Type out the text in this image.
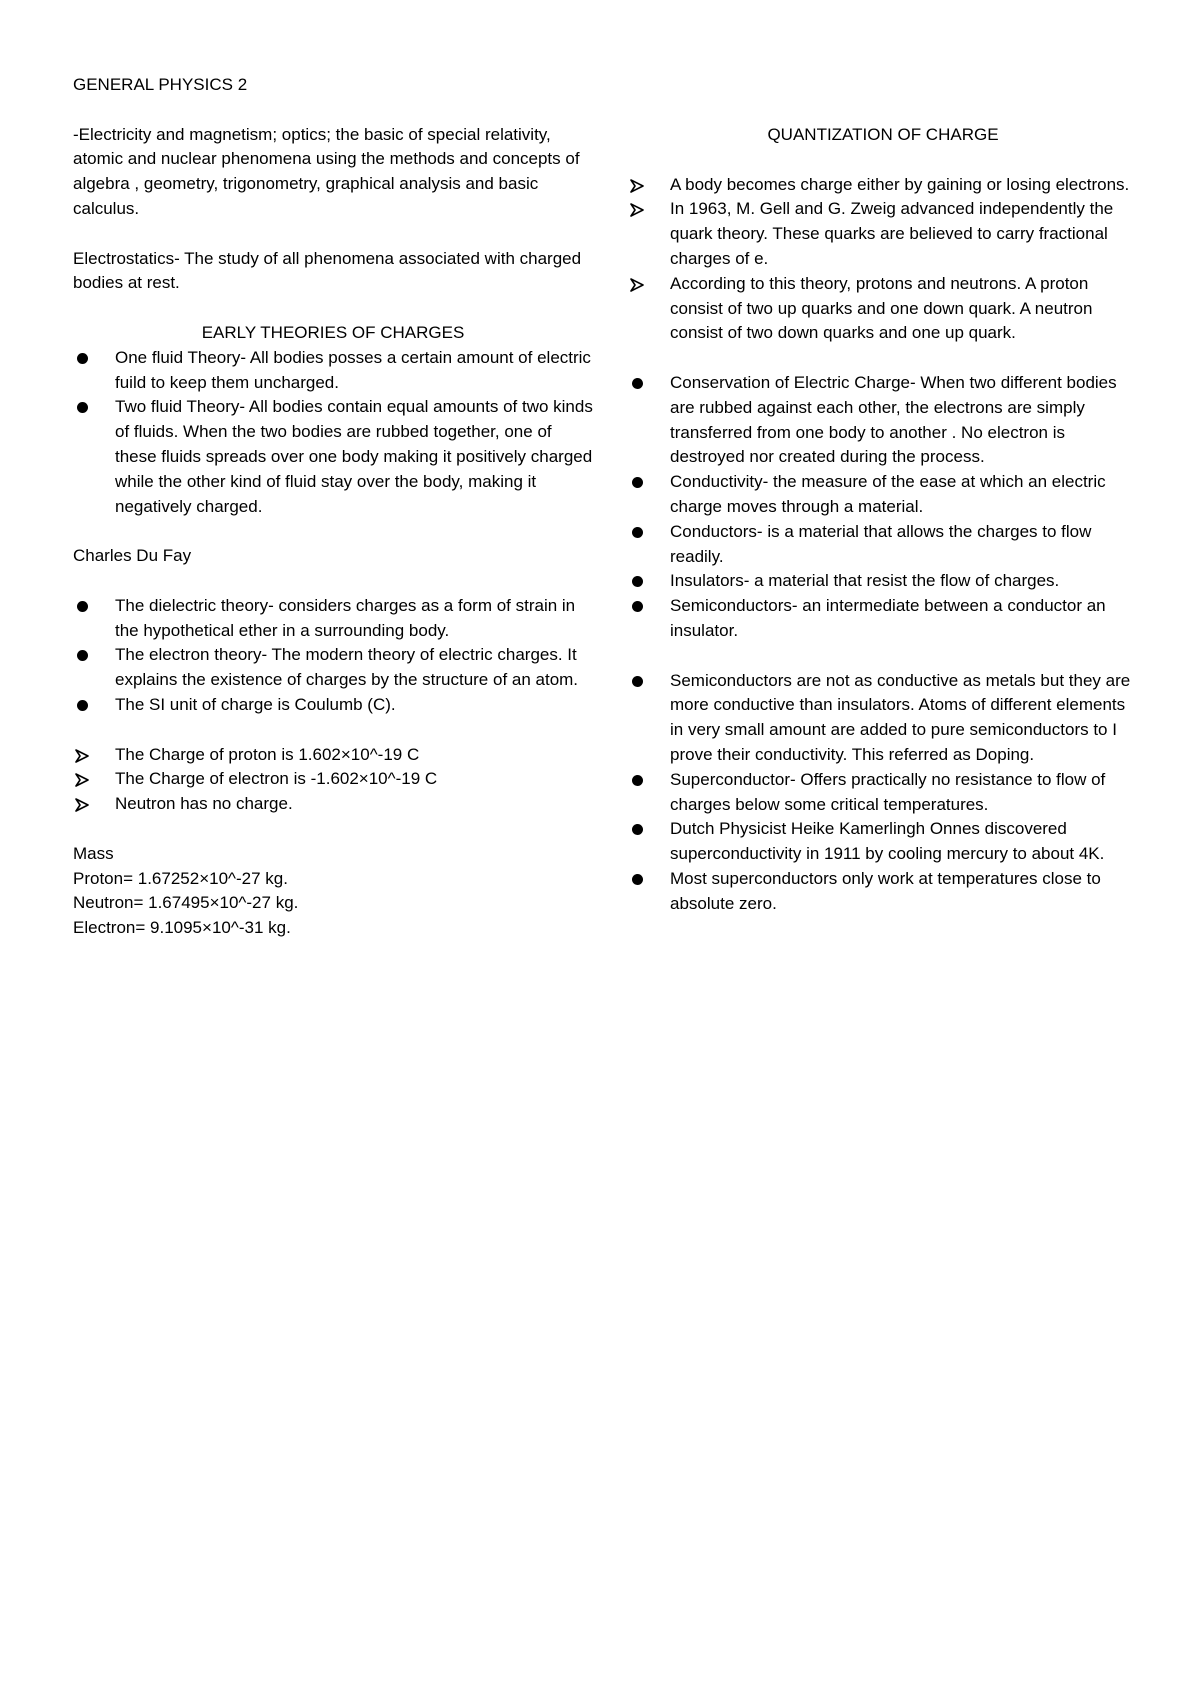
GENERAL PHYSICS 2

-Electricity and magnetism; optics; the basic of special relativity, atomic and nuclear phenomena using the methods and concepts of algebra , geometry, trigonometry, graphical analysis and basic calculus.

Electrostatics- The study of all phenomena associated with charged bodies at rest.

EARLY THEORIES OF CHARGES

One fluid Theory- All bodies posses a certain amount of electric fuild to keep them uncharged.
Two fluid Theory- All bodies contain equal amounts of two kinds of fluids. When the two bodies are rubbed together, one of these fluids spreads over one body making it positively charged while the other kind of fluid stay over the body, making it negatively charged.

Charles Du Fay

The dielectric theory- considers charges as a form of strain in the hypothetical ether in a surrounding body.
The electron theory- The modern theory of electric charges. It explains the existence of charges by the structure of an atom.
The SI unit of charge is Coulumb (C).
The Charge of proton is 1.602×10^-19 C
The Charge of electron is -1.602×10^-19 C
Neutron has no charge.

Mass

Proton= 1.67252×10^-27 kg.

Neutron= 1.67495×10^-27 kg.

Electron= 9.1095×10^-31 kg.

QUANTIZATION OF CHARGE

A body becomes charge either by gaining or losing electrons.
In 1963, M. Gell and G. Zweig advanced independently the quark theory. These quarks are believed to carry fractional charges of e.
According to this theory, protons and neutrons. A proton consist of two up quarks and one down quark. A neutron consist of two down quarks and one up quark.
Conservation of Electric Charge- When two different bodies are rubbed against each other, the electrons are simply transferred from one body to another . No electron is destroyed nor created during the process.
Conductivity- the measure of the ease at which an electric charge moves through a material.
Conductors- is a material that allows the charges to flow readily.
Insulators- a material that resist the flow of charges.
Semiconductors- an intermediate between a conductor an insulator.
Semiconductors are not as conductive as metals but they are more conductive than insulators. Atoms of different elements in very small amount are added to pure semiconductors to I prove their conductivity. This referred as Doping.
Superconductor- Offers practically no resistance to flow of charges below some critical temperatures.
Dutch Physicist Heike Kamerlingh Onnes discovered superconductivity in 1911 by cooling mercury to about 4K.
Most superconductors only work at temperatures close to absolute zero.
